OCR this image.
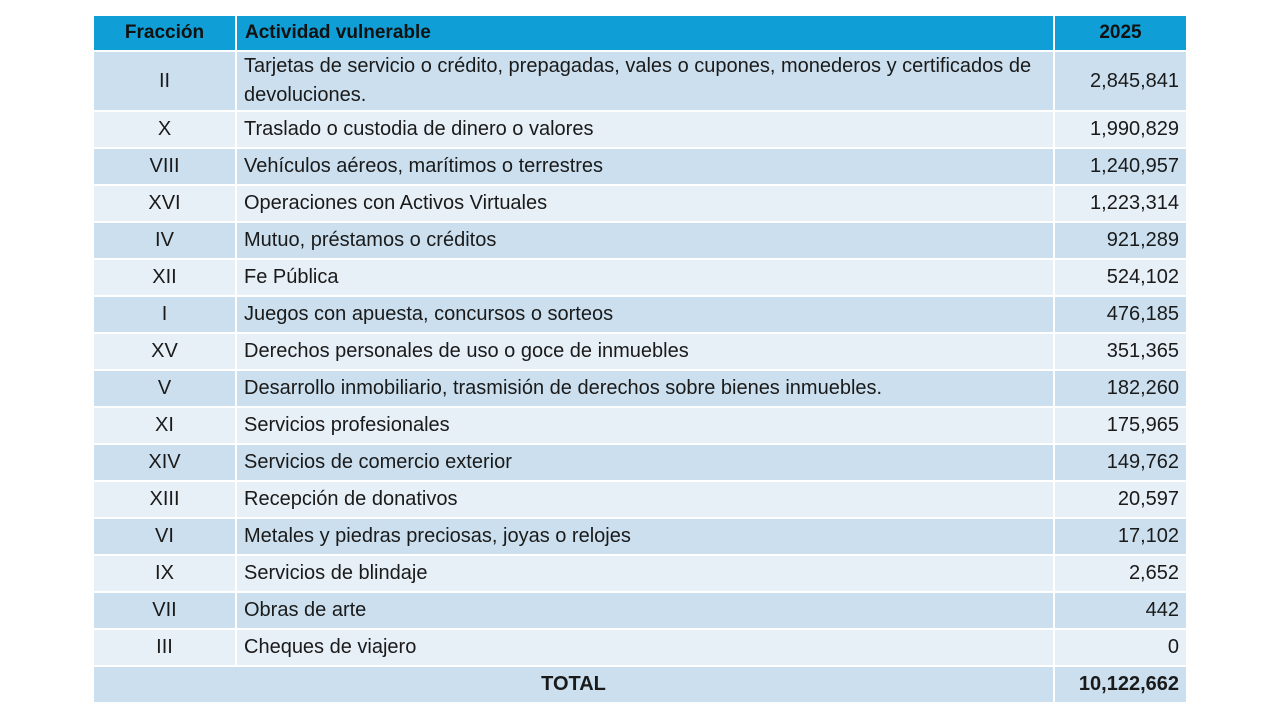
Fracción	Actividad vulnerable	2025
II	Tarjetas de servicio o crédito, prepagadas, vales o cupones, monederos y certificados de devoluciones.	2,845,841
X	Traslado o custodia de dinero o valores	1,990,829
VIII	Vehículos aéreos, marítimos o terrestres	1,240,957
XVI	Operaciones con Activos Virtuales	1,223,314
IV	Mutuo, préstamos o créditos	921,289
XII	Fe Pública	524,102
I	Juegos con apuesta, concursos o sorteos	476,185
XV	Derechos personales de uso o goce de inmuebles	351,365
V	Desarrollo inmobiliario, trasmisión de derechos sobre bienes inmuebles.	182,260
XI	Servicios profesionales	175,965
XIV	Servicios de comercio exterior	149,762
XIII	Recepción de donativos	20,597
VI	Metales y piedras preciosas, joyas o relojes	17,102
IX	Servicios de blindaje	2,652
VII	Obras de arte	442
III	Cheques de viajero	0
TOTAL		10,122,662
